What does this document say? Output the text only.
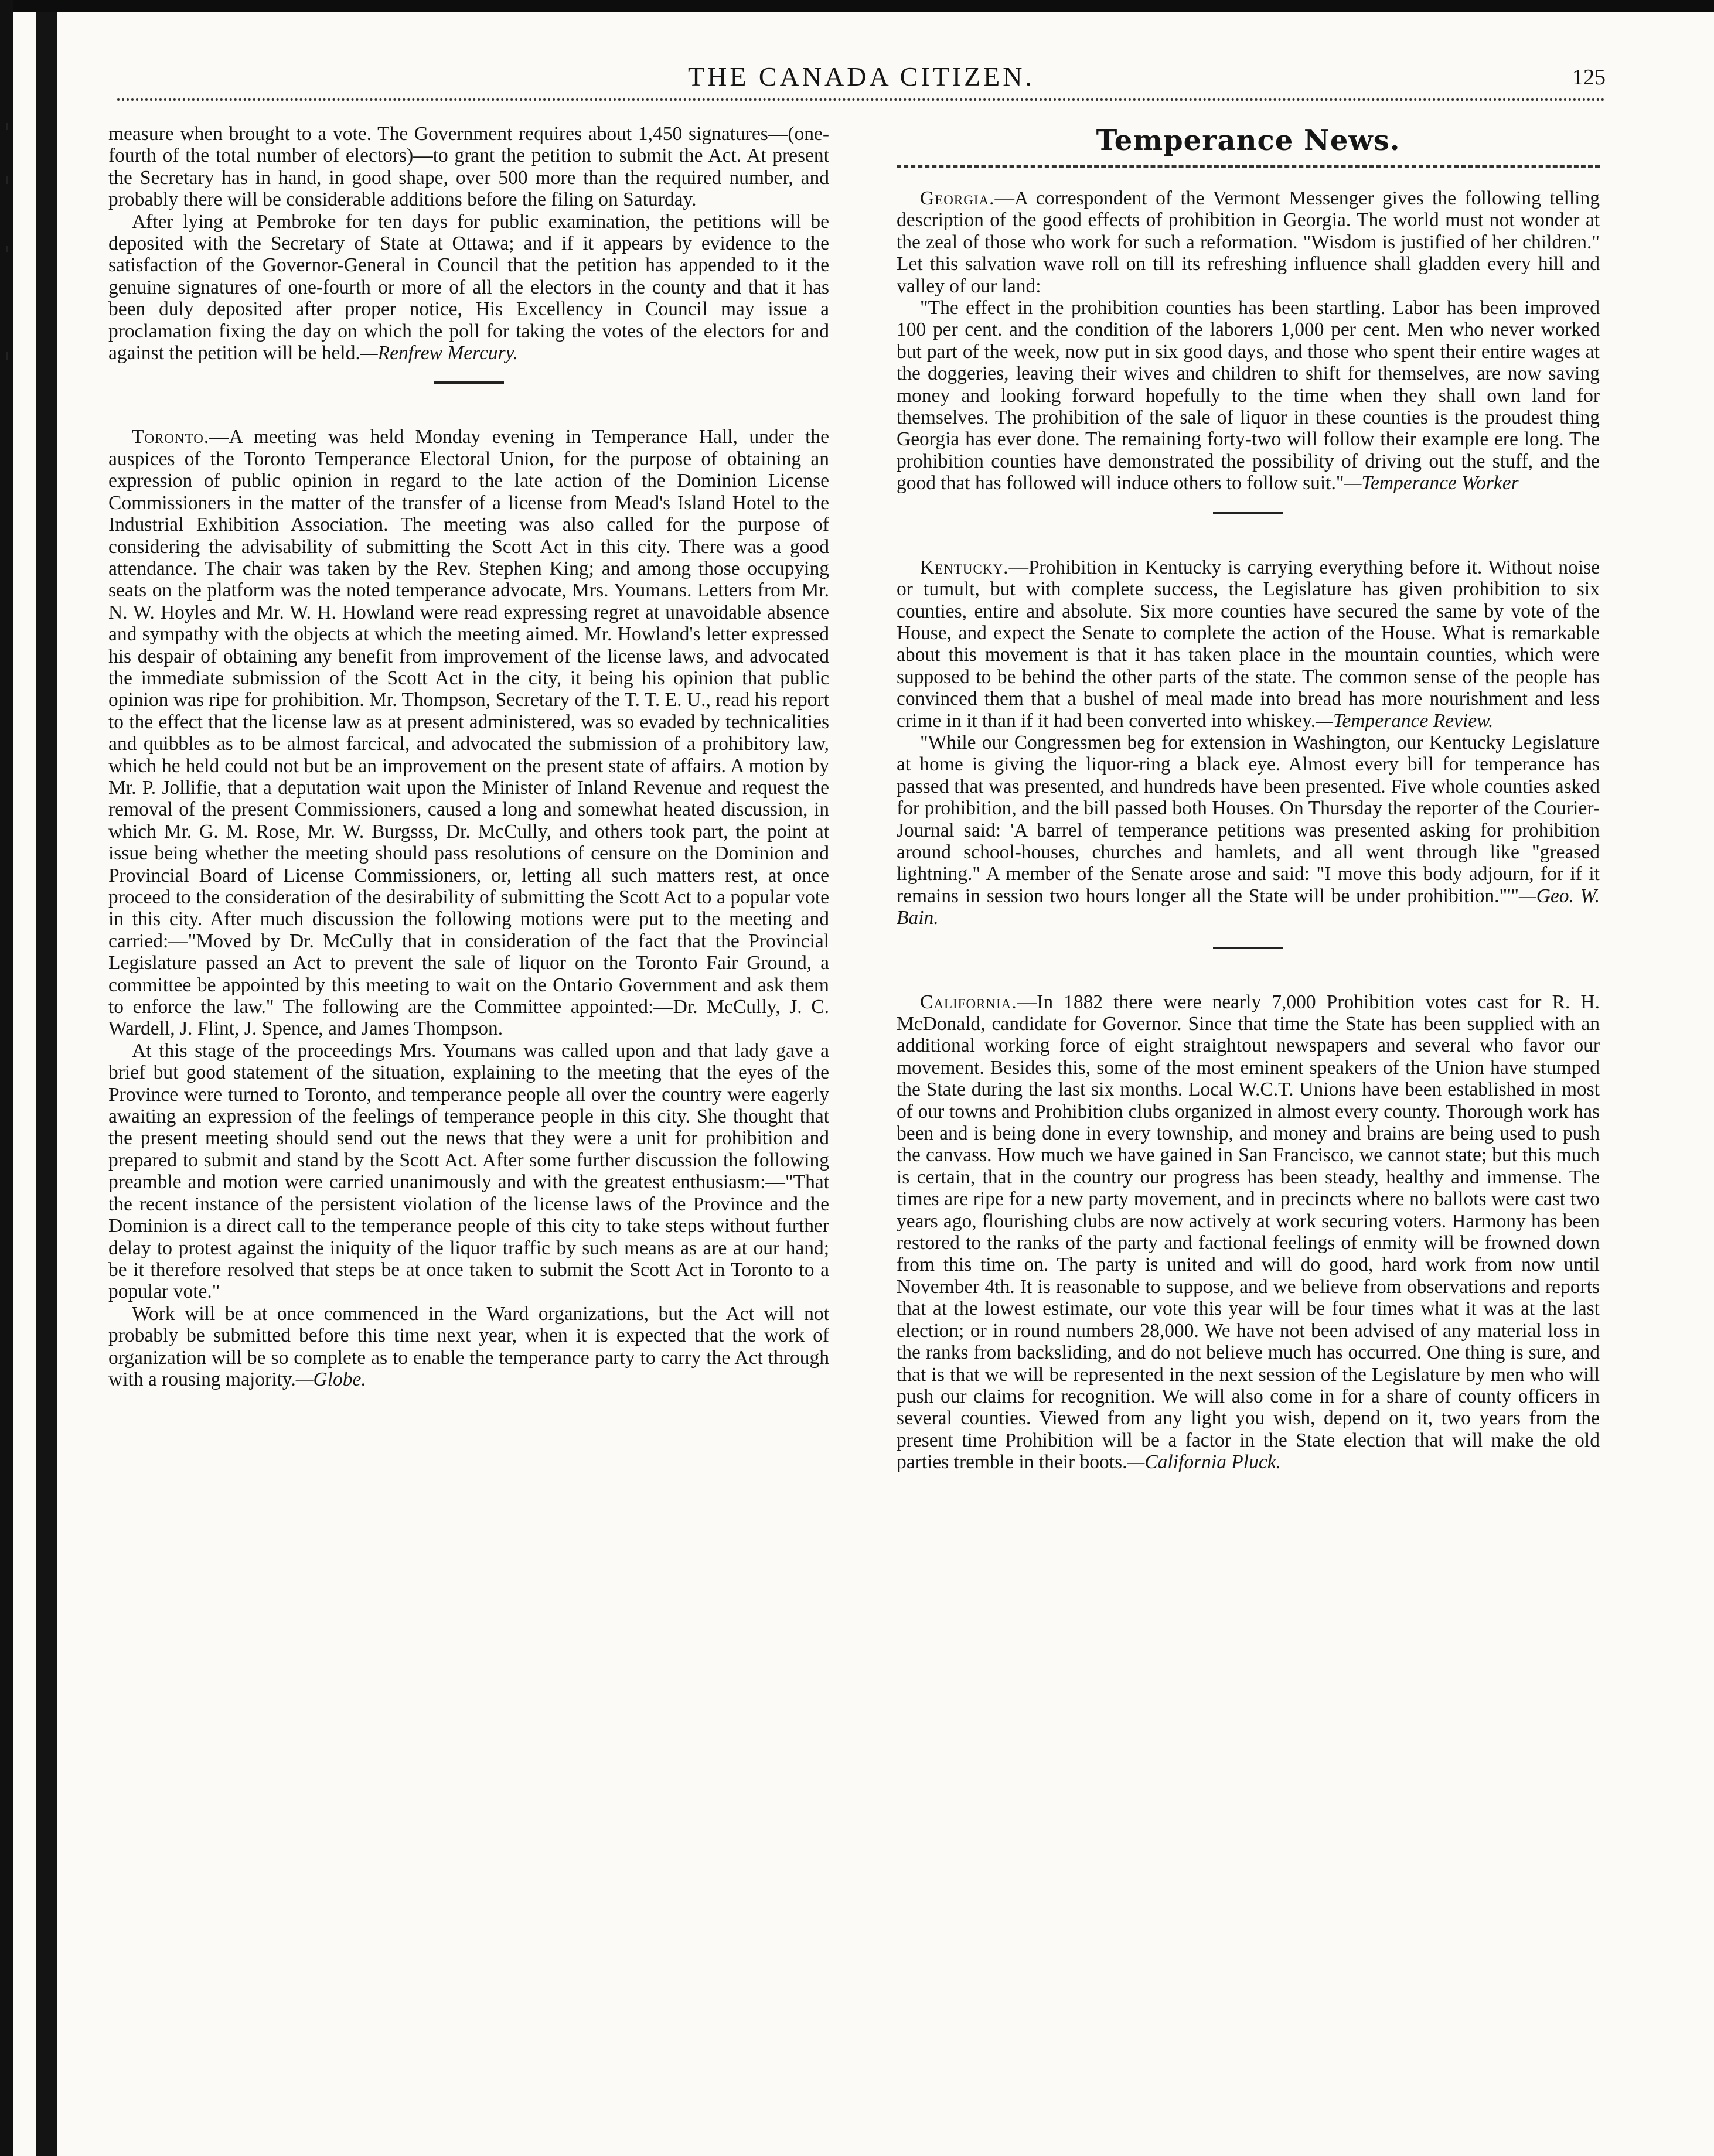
THE CANADA CITIZEN.	125

measure when brought to a vote. The Government requires about 1,450 signatures—(one-fourth of the total number of electors)—to grant the petition to submit the Act. At present the Secretary has in hand, in good shape, over 500 more than the required number, and probably there will be considerable additions before the filing on Saturday.

After lying at Pembroke for ten days for public examination, the petitions will be deposited with the Secretary of State at Ottawa; and if it appears by evidence to the satisfaction of the Governor-General in Council that the petition has appended to it the genuine signatures of one-fourth or more of all the electors in the county and that it has been duly deposited after proper notice, His Excellency in Council may issue a proclamation fixing the day on which the poll for taking the votes of the electors for and against the petition will be held.—Renfrew Mercury.

Toronto.—A meeting was held Monday evening in Temperance Hall, under the auspices of the Toronto Temperance Electoral Union, for the purpose of obtaining an expression of public opinion in regard to the late action of the Dominion License Commissioners in the matter of the transfer of a license from Mead's Island Hotel to the Industrial Exhibition Association. The meeting was also called for the purpose of considering the advisability of submitting the Scott Act in this city. There was a good attendance. The chair was taken by the Rev. Stephen King; and among those occupying seats on the platform was the noted temperance advocate, Mrs. Youmans. Letters from Mr. N. W. Hoyles and Mr. W. H. Howland were read expressing regret at unavoidable absence and sympathy with the objects at which the meeting aimed. Mr. Howland's letter expressed his despair of obtaining any benefit from improvement of the license laws, and advocated the immediate submission of the Scott Act in the city, it being his opinion that public opinion was ripe for prohibition. Mr. Thompson, Secretary of the T. T. E. U., read his report to the effect that the license law as at present administered, was so evaded by technicalities and quibbles as to be almost farcical, and advocated the submission of a prohibitory law, which he held could not but be an improvement on the present state of affairs. A motion by Mr. P. Jollifie, that a deputation wait upon the Minister of Inland Revenue and request the removal of the present Commissioners, caused a long and somewhat heated discussion, in which Mr. G. M. Rose, Mr. W. Burgsss, Dr. McCully, and others took part, the point at issue being whether the meeting should pass resolutions of censure on the Dominion and Provincial Board of License Commissioners, or, letting all such matters rest, at once proceed to the consideration of the desirability of submitting the Scott Act to a popular vote in this city. After much discussion the following motions were put to the meeting and carried:—"Moved by Dr. McCully that in consideration of the fact that the Provincial Legislature passed an Act to prevent the sale of liquor on the Toronto Fair Ground, a committee be appointed by this meeting to wait on the Ontario Government and ask them to enforce the law." The following are the Committee appointed:—Dr. McCully, J. C. Wardell, J. Flint, J. Spence, and James Thompson.

At this stage of the proceedings Mrs. Youmans was called upon and that lady gave a brief but good statement of the situation, explaining to the meeting that the eyes of the Province were turned to Toronto, and temperance people all over the country were eagerly awaiting an expression of the feelings of temperance people in this city. She thought that the present meeting should send out the news that they were a unit for prohibition and prepared to submit and stand by the Scott Act. After some further discussion the following preamble and motion were carried unanimously and with the greatest enthusiasm:—"That the recent instance of the persistent violation of the license laws of the Province and the Dominion is a direct call to the temperance people of this city to take steps without further delay to protest against the iniquity of the liquor traffic by such means as are at our hand; be it therefore resolved that steps be at once taken to submit the Scott Act in Toronto to a popular vote."

Work will be at once commenced in the Ward organizations, but the Act will not probably be submitted before this time next year, when it is expected that the work of organization will be so complete as to enable the temperance party to carry the Act through with a rousing majority.—Globe.

Temperance News.

Georgia.—A correspondent of the Vermont Messenger gives the following telling description of the good effects of prohibition in Georgia. The world must not wonder at the zeal of those who work for such a reformation. "Wisdom is justified of her children." Let this salvation wave roll on till its refreshing influence shall gladden every hill and valley of our land:

"The effect in the prohibition counties has been startling. Labor has been improved 100 per cent. and the condition of the laborers 1,000 per cent. Men who never worked but part of the week, now put in six good days, and those who spent their entire wages at the doggeries, leaving their wives and children to shift for themselves, are now saving money and looking forward hopefully to the time when they shall own land for themselves. The prohibition of the sale of liquor in these counties is the proudest thing Georgia has ever done. The remaining forty-two will follow their example ere long. The prohibition counties have demonstrated the possibility of driving out the stuff, and the good that has followed will induce others to follow suit."—Temperance Worker

Kentucky.—Prohibition in Kentucky is carrying everything before it. Without noise or tumult, but with complete success, the Legislature has given prohibition to six counties, entire and absolute. Six more counties have secured the same by vote of the House, and expect the Senate to complete the action of the House. What is remarkable about this movement is that it has taken place in the mountain counties, which were supposed to be behind the other parts of the state. The common sense of the people has convinced them that a bushel of meal made into bread has more nourishment and less crime in it than if it had been converted into whiskey.—Temperance Review.

"While our Congressmen beg for extension in Washington, our Kentucky Legislature at home is giving the liquor-ring a black eye. Almost every bill for temperance has passed that was presented, and hundreds have been presented. Five whole counties asked for prohibition, and the bill passed both Houses. On Thursday the reporter of the Courier-Journal said: 'A barrel of temperance petitions was presented asking for prohibition around school-houses, churches and hamlets, and all went through like "greased lightning." A member of the Senate arose and said: "I move this body adjourn, for if it remains in session two hours longer all the State will be under prohibition."'"—Geo. W. Bain.

California.—In 1882 there were nearly 7,000 Prohibition votes cast for R. H. McDonald, candidate for Governor. Since that time the State has been supplied with an additional working force of eight straightout newspapers and several who favor our movement. Besides this, some of the most eminent speakers of the Union have stumped the State during the last six months. Local W.C.T. Unions have been established in most of our towns and Prohibition clubs organized in almost every county. Thorough work has been and is being done in every township, and money and brains are being used to push the canvass. How much we have gained in San Francisco, we cannot state; but this much is certain, that in the country our progress has been steady, healthy and immense. The times are ripe for a new party movement, and in precincts where no ballots were cast two years ago, flourishing clubs are now actively at work securing voters. Harmony has been restored to the ranks of the party and factional feelings of enmity will be frowned down from this time on. The party is united and will do good, hard work from now until November 4th. It is reasonable to suppose, and we believe from observations and reports that at the lowest estimate, our vote this year will be four times what it was at the last election; or in round numbers 28,000. We have not been advised of any material loss in the ranks from backsliding, and do not believe much has occurred. One thing is sure, and that is that we will be represented in the next session of the Legislature by men who will push our claims for recognition. We will also come in for a share of county officers in several counties. Viewed from any light you wish, depend on it, two years from the present time Prohibition will be a factor in the State election that will make the old parties tremble in their boots.—California Pluck.
